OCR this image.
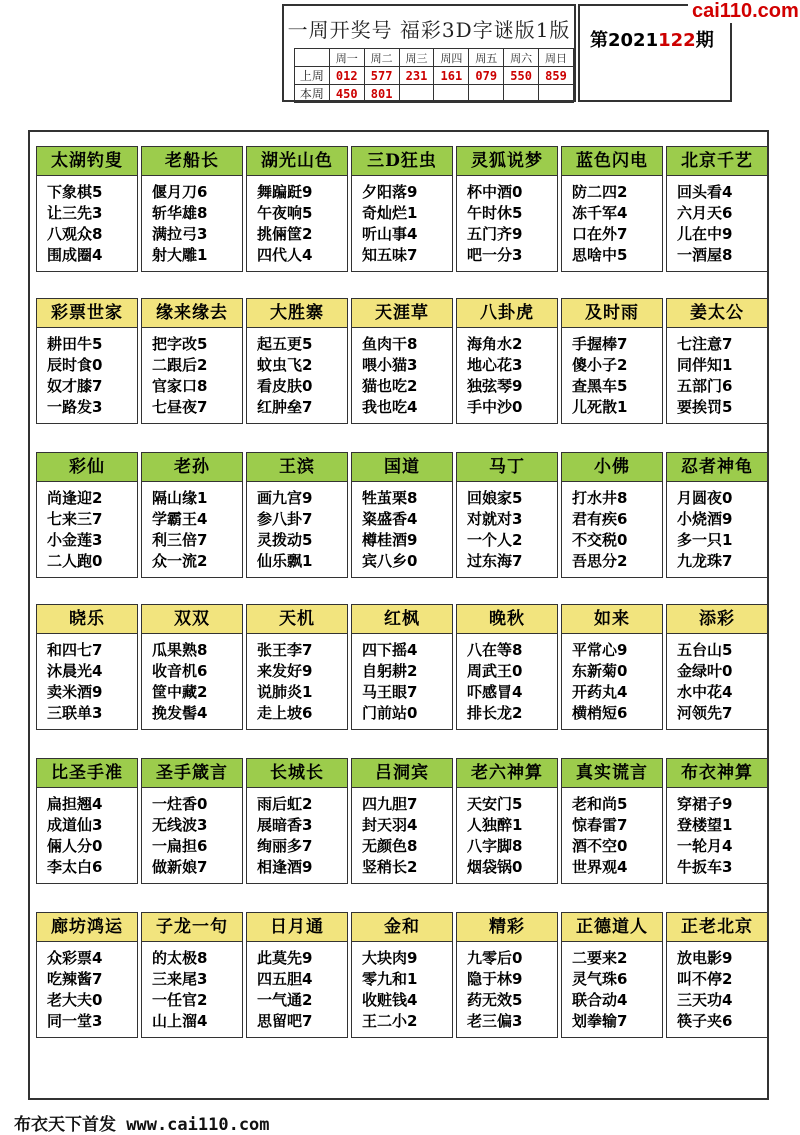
一周开奖号 福彩3D字谜版1版
	周一	周二	周三	周四	周五	周六	周日
上周	012	577	231	161	079	550	859
本周	450	801					
第2021122期
cai110.com
太湖钓叟
下象棋5
让三先3
八观众8
围成圈4
老船长
偃月刀6
斩华雄8
满拉弓3
射大雕1
湖光山色
舞蹁跹9
午夜响5
挑倆筐2
四代人4
三D狂虫
夕阳落9
奇灿烂1
听山事4
知五味7
灵狐说梦
杯中酒0
午时休5
五门齐9
吧一分3
蓝色闪电
防二四2
冻千军4
口在外7
思啥中5
北京千艺
回头看4
六月天6
儿在中9
一酒屋8
彩票世家
耕田牛5
辰时食0
奴才膝7
一路发3
缘来缘去
把字改5
二跟后2
官家口8
七昼夜7
大胜寨
起五更5
蚊虫飞2
看皮肤0
红肿垒7
天涯草
鱼肉干8
喂小猫3
猫也吃2
我也吃4
八卦虎
海角水2
地心花3
独弦琴9
手中沙0
及时雨
手握棒7
傻小子2
查黑车5
儿死散1
姜太公
七注意7
同伴知1
五部门6
要挨罚5
彩仙
尚逢迎2
七来三7
小金莲3
二人跑0
老孙
隔山缘1
学霸王4
利三倍7
众一流2
王滨
画九宫9
参八卦7
灵拨动5
仙乐飘1
国道
牲茧栗8
粢盛香4
樽桂酒9
宾八乡0
马丁
回娘家5
对就对3
一个人2
过东海7
小佛
打水井8
君有疾6
不交税0
吾思分2
忍者神龟
月圆夜0
小烧酒9
多一只1
九龙珠7
晓乐
和四七7
沐晨光4
卖米酒9
三联单3
双双
瓜果熟8
收音机6
筐中藏2
挽发髻4
天机
张王李7
来发好9
说肺炎1
走上坡6
红枫
四下摇4
自躬耕2
马王眼7
门前站0
晚秋
八在等8
周武王0
吓感冒4
排长龙2
如来
平常心9
东新菊0
开药丸4
横梢短6
添彩
五台山5
金绿叶0
水中花4
河领先7
比圣手准
扁担翘4
成道仙3
倆人分0
李太白6
圣手箴言
一炷香0
无线波3
一扁担6
做新娘7
长城长
雨后虹2
展暗香3
绚丽多7
相逢酒9
吕洞宾
四九胆7
封天羽4
无颜色8
竖稍长2
老六神算
天安门5
人独醉1
八字脚8
烟袋锅0
真实谎言
老和尚5
惊春雷7
酒不空0
世界观4
布衣神算
穿裙子9
登楼望1
一轮月4
牛扳车3
廊坊鸿运
众彩票4
吃辣酱7
老大夫0
同一堂3
子龙一句
的太极8
三来尾3
一任官2
山上溜4
日月通
此莫先9
四五胆4
一气通2
思留吧7
金和
大块肉9
零九和1
收赃钱4
王二小2
精彩
九零后0
隐于林9
药无效5
老三偏3
正德道人
二要来2
灵气珠6
联合动4
划拳输7
正老北京
放电影9
叫不停2
三天功4
筷子夹6
布衣天下首发 www.cai110.com
